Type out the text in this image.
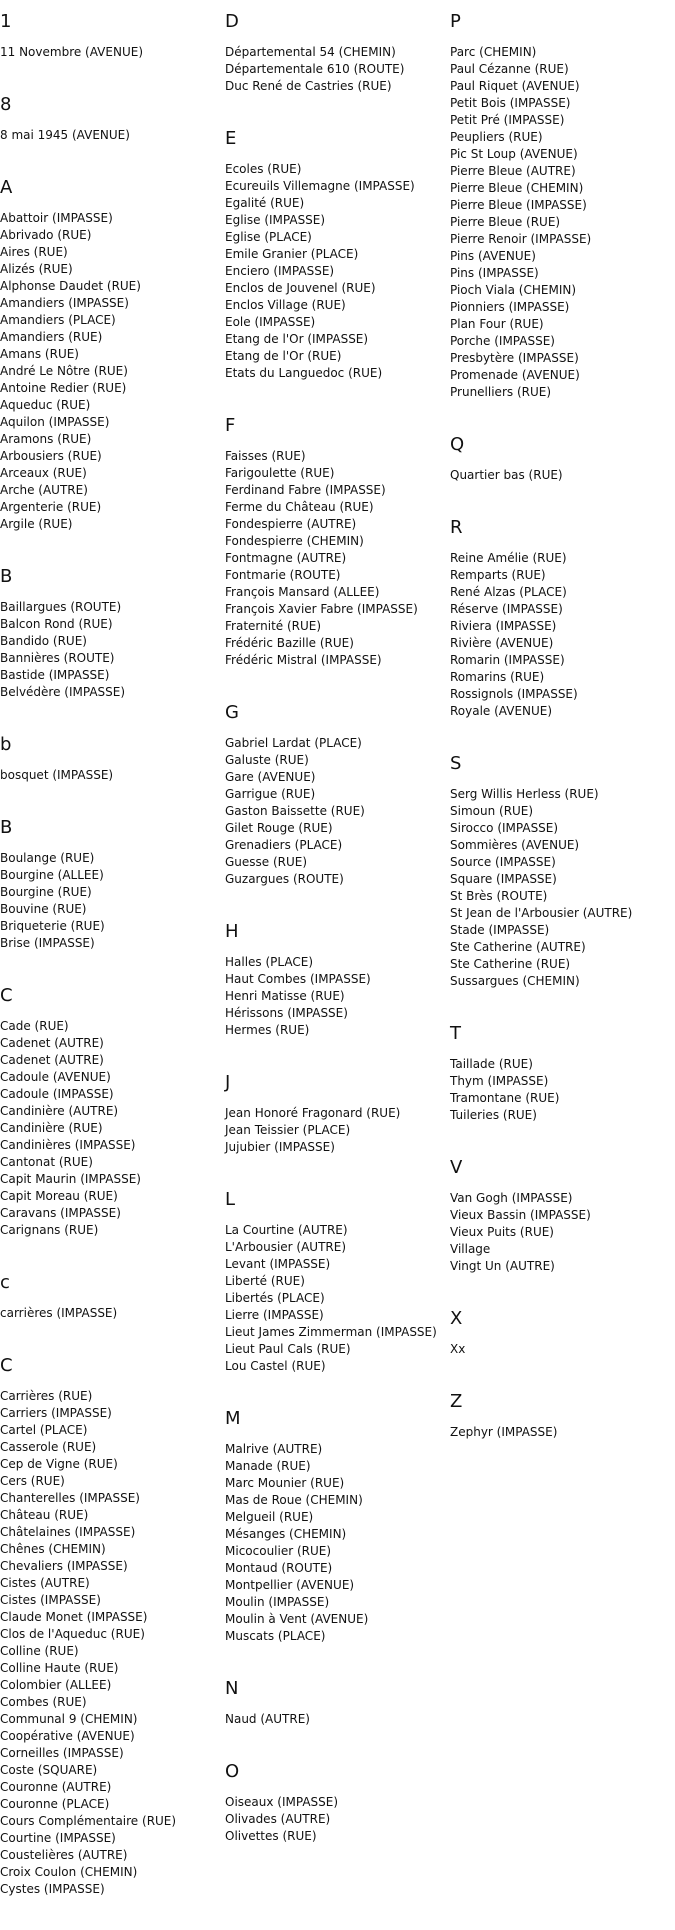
1
11 Novembre (AVENUE)
8
8 mai 1945 (AVENUE)
A
Abattoir (IMPASSE)
Abrivado (RUE)
Aires (RUE)
Alizés (RUE)
Alphonse Daudet (RUE)
Amandiers (IMPASSE)
Amandiers (PLACE)
Amandiers (RUE)
Amans (RUE)
André Le Nôtre (RUE)
Antoine Redier (RUE)
Aqueduc (RUE)
Aquilon (IMPASSE)
Aramons (RUE)
Arbousiers (RUE)
Arceaux (RUE)
Arche (AUTRE)
Argenterie (RUE)
Argile (RUE)
B
Baillargues (ROUTE)
Balcon Rond (RUE)
Bandido (RUE)
Bannières (ROUTE)
Bastide (IMPASSE)
Belvédère (IMPASSE)
b
bosquet (IMPASSE)
B
Boulange (RUE)
Bourgine (ALLEE)
Bourgine (RUE)
Bouvine (RUE)
Briqueterie (RUE)
Brise (IMPASSE)
C
Cade (RUE)
Cadenet (AUTRE)
Cadenet (AUTRE)
Cadoule (AVENUE)
Cadoule (IMPASSE)
Candinière (AUTRE)
Candinière (RUE)
Candinières (IMPASSE)
Cantonat (RUE)
Capit Maurin (IMPASSE)
Capit Moreau (RUE)
Caravans (IMPASSE)
Carignans (RUE)
c
carrières (IMPASSE)
C
Carrières (RUE)
Carriers (IMPASSE)
Cartel (PLACE)
Casserole (RUE)
Cep de Vigne (RUE)
Cers (RUE)
Chanterelles (IMPASSE)
Château (RUE)
Châtelaines (IMPASSE)
Chênes (CHEMIN)
Chevaliers (IMPASSE)
Cistes (AUTRE)
Cistes (IMPASSE)
Claude Monet (IMPASSE)
Clos de l'Aqueduc (RUE)
Colline (RUE)
Colline Haute (RUE)
Colombier (ALLEE)
Combes (RUE)
Communal 9 (CHEMIN)
Coopérative (AVENUE)
Corneilles (IMPASSE)
Coste (SQUARE)
Couronne (AUTRE)
Couronne (PLACE)
Cours Complémentaire (RUE)
Courtine (IMPASSE)
Coustelières (AUTRE)
Croix Coulon (CHEMIN)
Cystes (IMPASSE)
D
Départemental 54 (CHEMIN)
Départementale 610 (ROUTE)
Duc René de Castries (RUE)
E
Ecoles (RUE)
Ecureuils Villemagne (IMPASSE)
Egalité (RUE)
Eglise (IMPASSE)
Eglise (PLACE)
Emile Granier (PLACE)
Enciero (IMPASSE)
Enclos de Jouvenel (RUE)
Enclos Village (RUE)
Eole (IMPASSE)
Etang de l'Or (IMPASSE)
Etang de l'Or (RUE)
Etats du Languedoc (RUE)
F
Faisses (RUE)
Farigoulette (RUE)
Ferdinand Fabre (IMPASSE)
Ferme du Château (RUE)
Fondespierre (AUTRE)
Fondespierre (CHEMIN)
Fontmagne (AUTRE)
Fontmarie (ROUTE)
François Mansard (ALLEE)
François Xavier Fabre (IMPASSE)
Fraternité (RUE)
Frédéric Bazille (RUE)
Frédéric Mistral (IMPASSE)
G
Gabriel Lardat (PLACE)
Galuste (RUE)
Gare (AVENUE)
Garrigue (RUE)
Gaston Baissette (RUE)
Gilet Rouge (RUE)
Grenadiers (PLACE)
Guesse (RUE)
Guzargues (ROUTE)
H
Halles (PLACE)
Haut Combes (IMPASSE)
Henri Matisse (RUE)
Hérissons (IMPASSE)
Hermes (RUE)
J
Jean Honoré Fragonard (RUE)
Jean Teissier (PLACE)
Jujubier (IMPASSE)
L
La Courtine (AUTRE)
L'Arbousier (AUTRE)
Levant (IMPASSE)
Liberté (RUE)
Libertés (PLACE)
Lierre (IMPASSE)
Lieut James Zimmerman (IMPASSE)
Lieut Paul Cals (RUE)
Lou Castel (RUE)
M
Malrive (AUTRE)
Manade (RUE)
Marc Mounier (RUE)
Mas de Roue (CHEMIN)
Melgueil (RUE)
Mésanges (CHEMIN)
Micocoulier (RUE)
Montaud (ROUTE)
Montpellier (AVENUE)
Moulin (IMPASSE)
Moulin à Vent (AVENUE)
Muscats (PLACE)
N
Naud (AUTRE)
O
Oiseaux (IMPASSE)
Olivades (AUTRE)
Olivettes (RUE)
P
Parc (CHEMIN)
Paul Cézanne (RUE)
Paul Riquet (AVENUE)
Petit Bois (IMPASSE)
Petit Pré (IMPASSE)
Peupliers (RUE)
Pic St Loup (AVENUE)
Pierre Bleue (AUTRE)
Pierre Bleue (CHEMIN)
Pierre Bleue (IMPASSE)
Pierre Bleue (RUE)
Pierre Renoir (IMPASSE)
Pins (AVENUE)
Pins (IMPASSE)
Pioch Viala (CHEMIN)
Pionniers (IMPASSE)
Plan Four (RUE)
Porche (IMPASSE)
Presbytère (IMPASSE)
Promenade (AVENUE)
Prunelliers (RUE)
Q
Quartier bas (RUE)
R
Reine Amélie (RUE)
Remparts (RUE)
René Alzas (PLACE)
Réserve (IMPASSE)
Riviera (IMPASSE)
Rivière (AVENUE)
Romarin (IMPASSE)
Romarins (RUE)
Rossignols (IMPASSE)
Royale (AVENUE)
S
Serg Willis Herless (RUE)
Simoun (RUE)
Sirocco (IMPASSE)
Sommières (AVENUE)
Source (IMPASSE)
Square (IMPASSE)
St Brès (ROUTE)
St Jean de l'Arbousier (AUTRE)
Stade (IMPASSE)
Ste Catherine (AUTRE)
Ste Catherine (RUE)
Sussargues (CHEMIN)
T
Taillade (RUE)
Thym (IMPASSE)
Tramontane (RUE)
Tuileries (RUE)
V
Van Gogh (IMPASSE)
Vieux Bassin (IMPASSE)
Vieux Puits (RUE)
Village
Vingt Un (AUTRE)
X
Xx
Z
Zephyr (IMPASSE)
